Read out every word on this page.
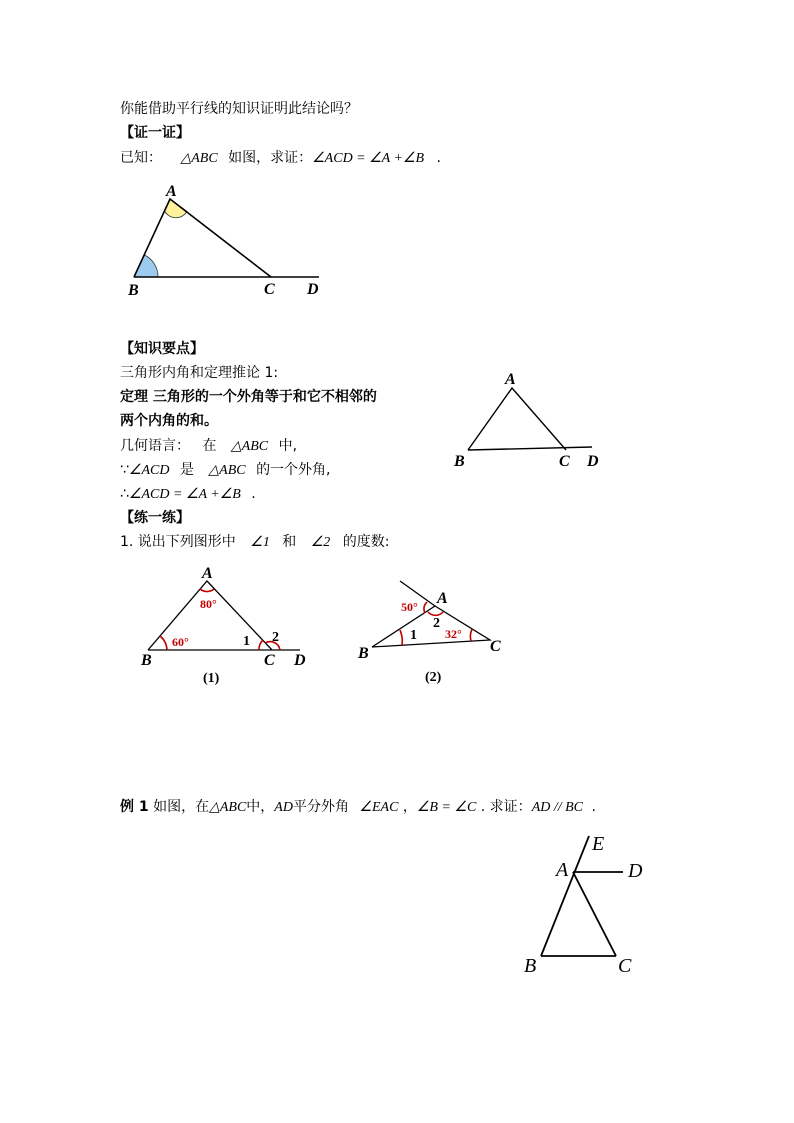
你能借助平行线的知识证明此结论吗？
【证一证】
已知： △ABC 如图，求证：∠ACD = ∠A +∠B .
A
B	C D
【知识要点】
三角形内角和定理推论 1:
定理 三角形的一个外角等于和它不相邻的
两个内角的和。
几何语言： 在 △ABC 中,
∵∠ACD 是 △ABC 的一个外角,
∴∠ACD = ∠A +∠B .
A
B	C D
【练一练】
1. 说出下列图形中 ∠1 和 ∠2 的度数:
A
B	C D
80°
60°	1 2
(1)
A
B	C
50°
32°
1
2
(2)
例 1 如图，在△ABC中，AD平分外角 ∠EAC ，∠B = ∠C . 求证：AD // BC .
A
B	C
D
E
